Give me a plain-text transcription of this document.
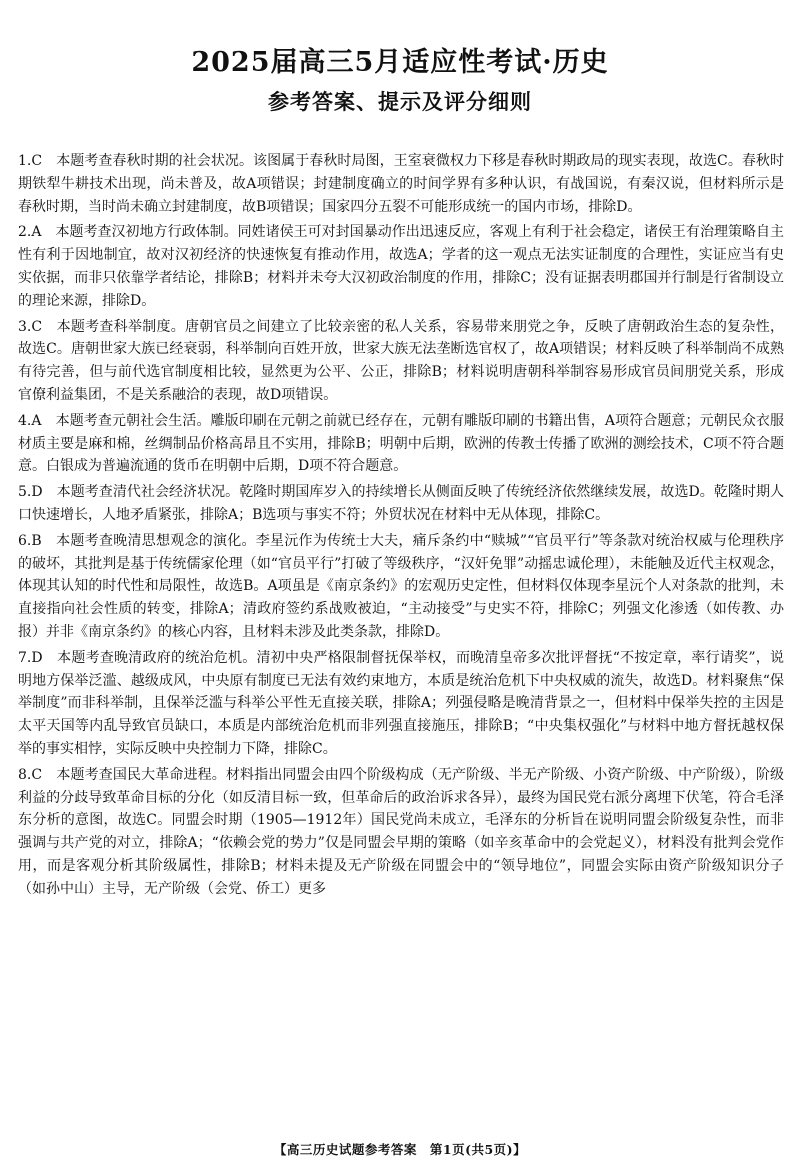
2025届高三5月适应性考试·历史
参考答案、提示及评分细则

1.C　本题考查春秋时期的社会状况。该图属于春秋时局图，王室衰微权力下移是春秋时期政局的现实表现，故选C。春秋时期铁犁牛耕技术出现，尚未普及，故A项错误；封建制度确立的时间学界有多种认识，有战国说，有秦汉说，但材料所示是春秋时期，当时尚未确立封建制度，故B项错误；国家四分五裂不可能形成统一的国内市场，排除D。

2.A　本题考查汉初地方行政体制。同姓诸侯王可对封国暴动作出迅速反应，客观上有利于社会稳定，诸侯王有治理策略自主性有利于因地制宜，故对汉初经济的快速恢复有推动作用，故选A；学者的这一观点无法实证制度的合理性，实证应当有史实依据，而非只依靠学者结论，排除B；材料并未夸大汉初政治制度的作用，排除C；没有证据表明郡国并行制是行省制设立的理论来源，排除D。

3.C　本题考查科举制度。唐朝官员之间建立了比较亲密的私人关系，容易带来朋党之争，反映了唐朝政治生态的复杂性，故选C。唐朝世家大族已经衰弱，科举制向百姓开放，世家大族无法垄断选官权了，故A项错误；材料反映了科举制尚不成熟有待完善，但与前代选官制度相比较，显然更为公平、公正，排除B；材料说明唐朝科举制容易形成官员间朋党关系，形成官僚利益集团，不是关系融洽的表现，故D项错误。

4.A　本题考查元朝社会生活。雕版印刷在元朝之前就已经存在，元朝有雕版印刷的书籍出售，A项符合题意；元朝民众衣服材质主要是麻和棉，丝绸制品价格高昂且不实用，排除B；明朝中后期，欧洲的传教士传播了欧洲的测绘技术，C项不符合题意。白银成为普遍流通的货币在明朝中后期，D项不符合题意。

5.D　本题考查清代社会经济状况。乾隆时期国库岁入的持续增长从侧面反映了传统经济依然继续发展，故选D。乾隆时期人口快速增长，人地矛盾紧张，排除A；B选项与事实不符；外贸状况在材料中无从体现，排除C。

6.B　本题考查晚清思想观念的演化。李星沅作为传统士大夫，痛斥条约中“赎城”“官员平行”等条款对统治权威与伦理秩序的破坏，其批判是基于传统儒家伦理（如“官员平行”打破了等级秩序，“汉奸免罪”动摇忠诚伦理），未能触及近代主权观念，体现其认知的时代性和局限性，故选B。A项虽是《南京条约》的宏观历史定性，但材料仅体现李星沅个人对条款的批判，未直接指向社会性质的转变，排除A；清政府签约系战败被迫，“主动接受”与史实不符，排除C；列强文化渗透（如传教、办报）并非《南京条约》的核心内容，且材料未涉及此类条款，排除D。

7.D　本题考查晚清政府的统治危机。清初中央严格限制督抚保举权，而晚清皇帝多次批评督抚“不按定章，率行请奖”，说明地方保举泛滥、越级成风，中央原有制度已无法有效约束地方，本质是统治危机下中央权威的流失，故选D。材料聚焦“保举制度”而非科举制，且保举泛滥与科举公平性无直接关联，排除A；列强侵略是晚清背景之一，但材料中保举失控的主因是太平天国等内乱导致官员缺口，本质是内部统治危机而非列强直接施压，排除B；“中央集权强化”与材料中地方督抚越权保举的事实相悖，实际反映中央控制力下降，排除C。

8.C　本题考查国民大革命进程。材料指出同盟会由四个阶级构成（无产阶级、半无产阶级、小资产阶级、中产阶级），阶级利益的分歧导致革命目标的分化（如反清目标一致，但革命后的政治诉求各异），最终为国民党右派分离埋下伏笔，符合毛泽东分析的意图，故选C。同盟会时期（1905—1912年）国民党尚未成立，毛泽东的分析旨在说明同盟会阶级复杂性，而非强调与共产党的对立，排除A；“依赖会党的势力”仅是同盟会早期的策略（如辛亥革命中的会党起义），材料没有批判会党作用，而是客观分析其阶级属性，排除B；材料未提及无产阶级在同盟会中的“领导地位”，同盟会实际由资产阶级知识分子（如孙中山）主导，无产阶级（会党、侨工）更多

【高三历史试题参考答案　第1页(共5页)】
